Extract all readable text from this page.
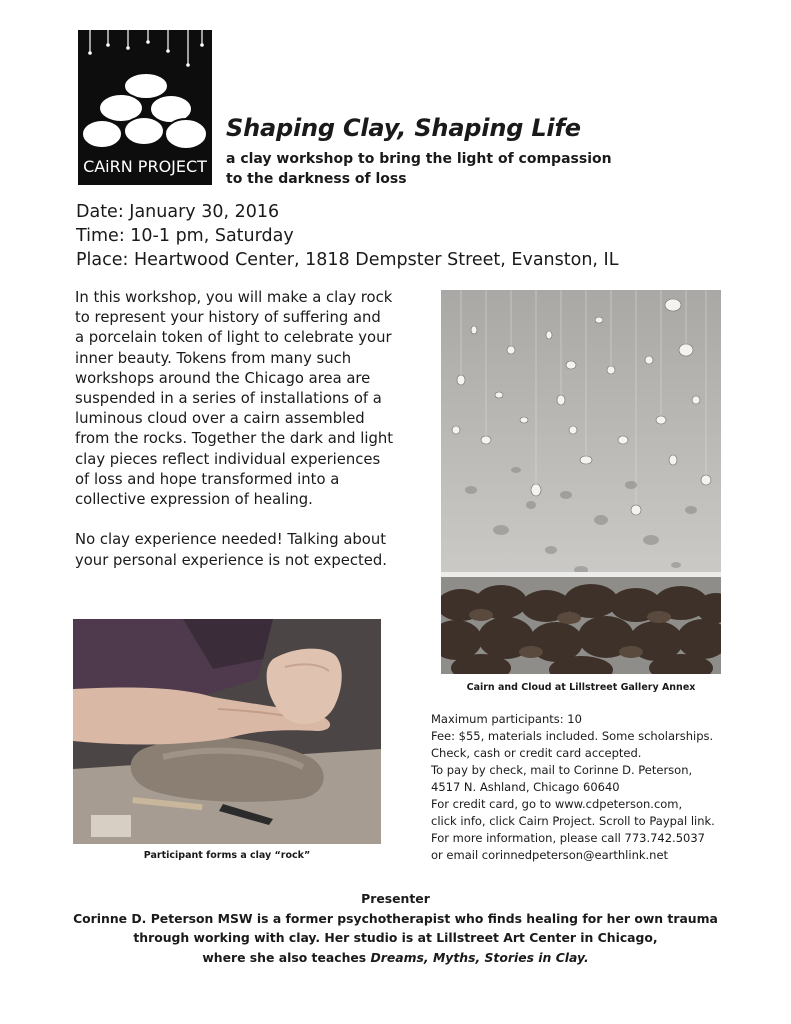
CAiRN PROJECT
Shaping Clay, Shaping Life
a clay workshop to bring the light of compassion
to the darkness of loss
Date: January 30, 2016
Time: 10-1 pm, Saturday
Place: Heartwood Center, 1818 Dempster Street, Evanston, IL

In this workshop, you will make a clay rock
to represent your history of suffering and
a porcelain token of light to celebrate your
inner beauty. Tokens from many such
workshops around the Chicago area are
suspended in a series of installations of a
luminous cloud over a cairn assembled
from the rocks. Together the dark and light
clay pieces reflect individual experiences
of loss and hope transformed into a
collective expression of healing.

No clay experience needed! Talking about
your personal experience is not expected.

Cairn and Cloud at Lillstreet Gallery Annex
Participant forms a clay “rock”
Maximum participants: 10
Fee: $55, materials included. Some scholarships.
Check, cash or credit card accepted.
To pay by check, mail to Corinne D. Peterson,
4517 N. Ashland, Chicago 60640
For credit card, go to www.cdpeterson.com,
click info, click Cairn Project. Scroll to Paypal link.
For more information, please call 773.742.5037
or email corinnedpeterson@earthlink.net
Presenter
Corinne D. Peterson MSW is a former psychotherapist who finds healing for her own trauma
through working with clay. Her studio is at Lillstreet Art Center in Chicago,
where she also teaches Dreams, Myths, Stories in Clay.
